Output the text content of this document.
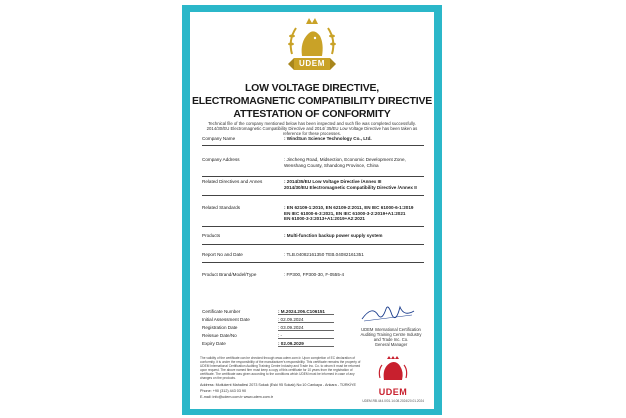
UDEM
LOW VOLTAGE DIRECTIVE,
ELECTROMAGNETIC COMPATIBILITY DIRECTIVE
ATTESTATION OF CONFORMITY
Technical file of the company mentioned below has been inspected and such file was completed successfully. 2014/30/EU Electromagnetic Compatibility Directive and 2014/ 35/EU Low Voltage Directive has been taken as reference for these processes.
Company Name	: WindSun Science Technology Co., Ltd.
Company Address	: Jincheng Road, Midsection, Economic Development Zone, Wenshang County, Shandong Province, China
Related Directives and Annes	: 2014/35/EU Low Voltage Directive /Annex III
2014/30/EU Electromagnetic Compatibility Directive /Annex II
Related Standards	: EN 62109-1:2010, EN 62109-2:2011, EN IEC 61000-6-1:2019
EN IEC 61000-6-3:2021, EN IEC 61000-3-2:2019+A1:2021
EN 61000-3-3:2013+A1:2019+A2:2021
Products	: Multi-function backup power supply system
Report No and Date	: TLB.04082161350 TEB.04082161351
Product Brand/Model/Type	: FP300, FP300-30, F-0555-4
Certificate Number	: M.2024.206.C106151
Initial Assessment Date	: 02.09.2024
Registration Date	: 03.09.2024
Reissue Date/No	: -
Expiry Date	: 02.09.2029
UDEM International Certification
Auditing Training Centre Industry
and Trade Inc. Co.
General Manager
The validity of the certificate can be checked through www.udem.com.tr. Upon completion of EC declaration of conformity, it is under the responsibility of the manufacturer's responsibility. This certificate remains the property of UDEM International Certification Auditing Training Centre Industry and Trade Inc. Co. to whom it must be returned upon request. The above named firm must keep a copy of this certificate for 10 years from the registration of certificate. The certificate was given according to the conditions which UDEM must be informed in case of any changes on the products.
UDEM
Address: Mutlukent Mahallesi 2073 Sokak (Eski 95 Sokak) No:10 Cankaya - Ankara - TÜRKİYE
Phone: +90 (312) 443 03 90
E-mail: info@udem.com.tr www.udem.com.tr
UDEM.RB.444.0/01.14.08.2024/20.01.2024
